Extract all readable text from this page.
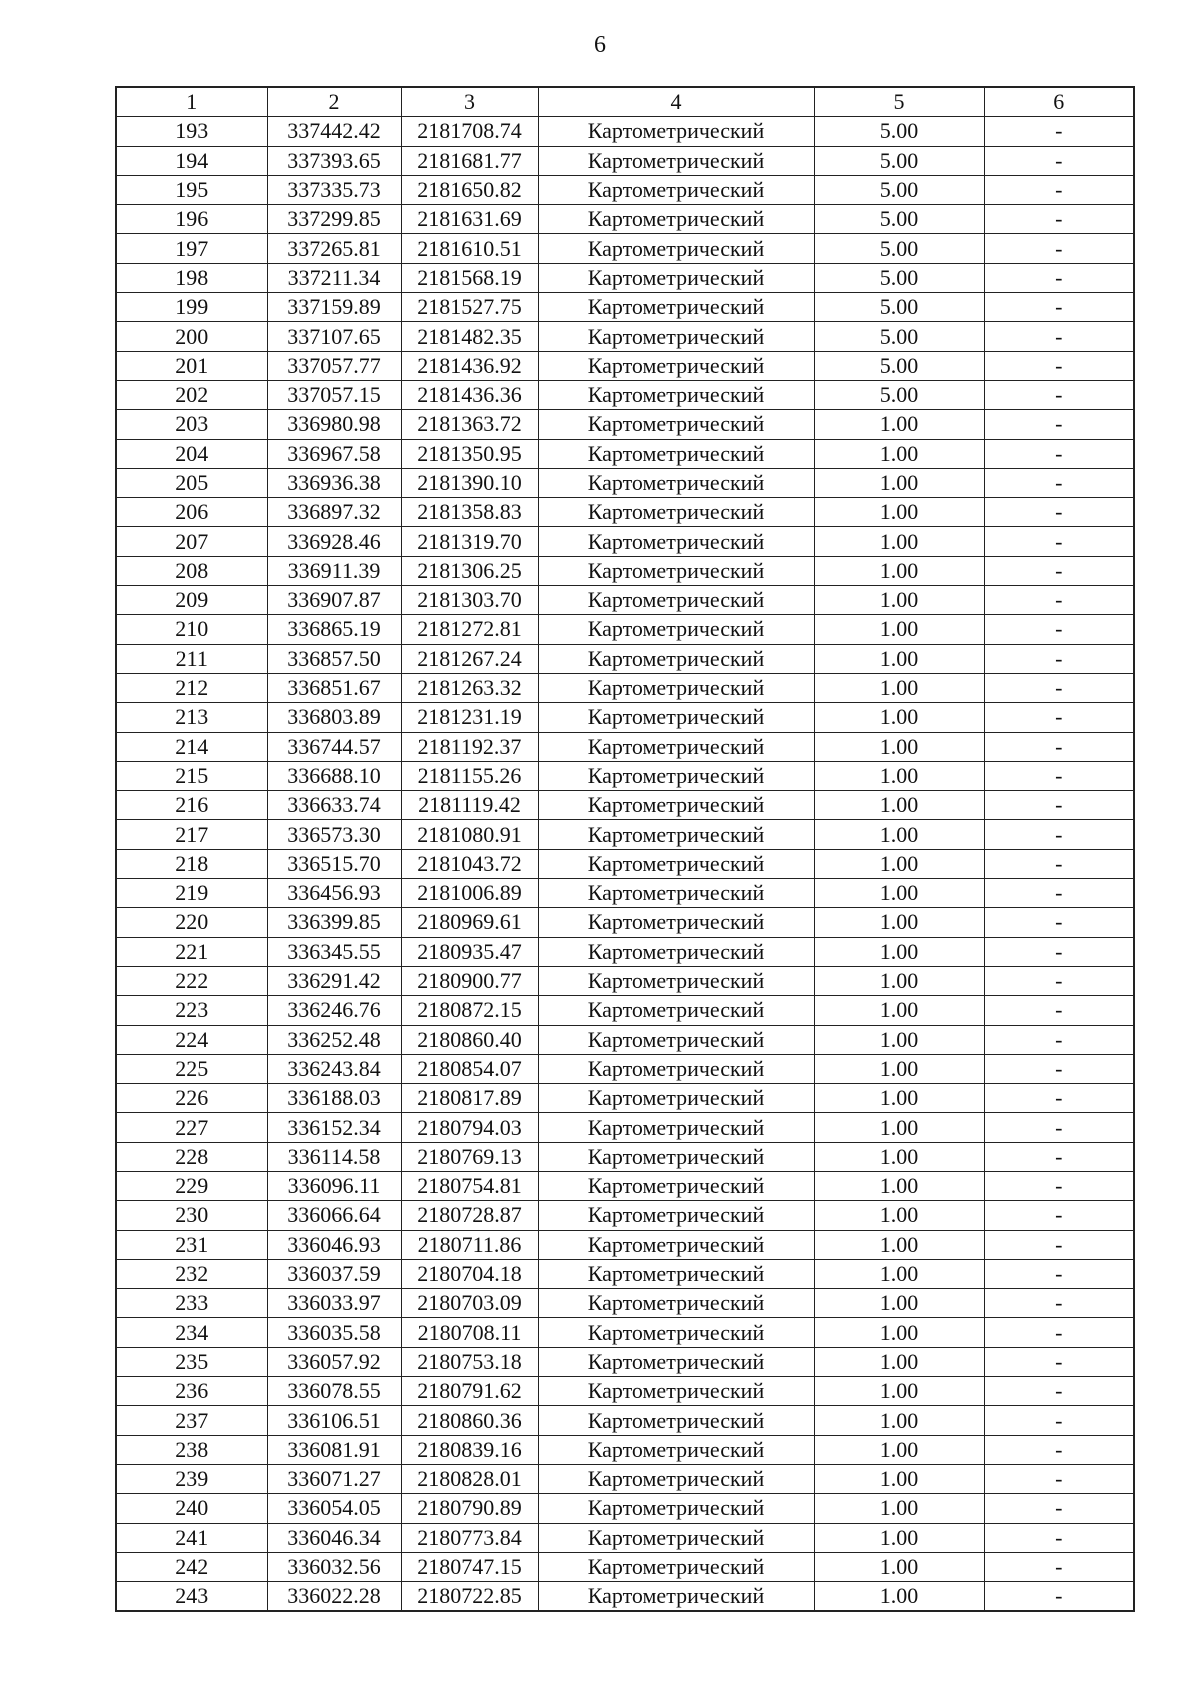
6
1	2	3	4	5	6
193	337442.42	2181708.74	Картометрический	5.00	-
194	337393.65	2181681.77	Картометрический	5.00	-
195	337335.73	2181650.82	Картометрический	5.00	-
196	337299.85	2181631.69	Картометрический	5.00	-
197	337265.81	2181610.51	Картометрический	5.00	-
198	337211.34	2181568.19	Картометрический	5.00	-
199	337159.89	2181527.75	Картометрический	5.00	-
200	337107.65	2181482.35	Картометрический	5.00	-
201	337057.77	2181436.92	Картометрический	5.00	-
202	337057.15	2181436.36	Картометрический	5.00	-
203	336980.98	2181363.72	Картометрический	1.00	-
204	336967.58	2181350.95	Картометрический	1.00	-
205	336936.38	2181390.10	Картометрический	1.00	-
206	336897.32	2181358.83	Картометрический	1.00	-
207	336928.46	2181319.70	Картометрический	1.00	-
208	336911.39	2181306.25	Картометрический	1.00	-
209	336907.87	2181303.70	Картометрический	1.00	-
210	336865.19	2181272.81	Картометрический	1.00	-
211	336857.50	2181267.24	Картометрический	1.00	-
212	336851.67	2181263.32	Картометрический	1.00	-
213	336803.89	2181231.19	Картометрический	1.00	-
214	336744.57	2181192.37	Картометрический	1.00	-
215	336688.10	2181155.26	Картометрический	1.00	-
216	336633.74	2181119.42	Картометрический	1.00	-
217	336573.30	2181080.91	Картометрический	1.00	-
218	336515.70	2181043.72	Картометрический	1.00	-
219	336456.93	2181006.89	Картометрический	1.00	-
220	336399.85	2180969.61	Картометрический	1.00	-
221	336345.55	2180935.47	Картометрический	1.00	-
222	336291.42	2180900.77	Картометрический	1.00	-
223	336246.76	2180872.15	Картометрический	1.00	-
224	336252.48	2180860.40	Картометрический	1.00	-
225	336243.84	2180854.07	Картометрический	1.00	-
226	336188.03	2180817.89	Картометрический	1.00	-
227	336152.34	2180794.03	Картометрический	1.00	-
228	336114.58	2180769.13	Картометрический	1.00	-
229	336096.11	2180754.81	Картометрический	1.00	-
230	336066.64	2180728.87	Картометрический	1.00	-
231	336046.93	2180711.86	Картометрический	1.00	-
232	336037.59	2180704.18	Картометрический	1.00	-
233	336033.97	2180703.09	Картометрический	1.00	-
234	336035.58	2180708.11	Картометрический	1.00	-
235	336057.92	2180753.18	Картометрический	1.00	-
236	336078.55	2180791.62	Картометрический	1.00	-
237	336106.51	2180860.36	Картометрический	1.00	-
238	336081.91	2180839.16	Картометрический	1.00	-
239	336071.27	2180828.01	Картометрический	1.00	-
240	336054.05	2180790.89	Картометрический	1.00	-
241	336046.34	2180773.84	Картометрический	1.00	-
242	336032.56	2180747.15	Картометрический	1.00	-
243	336022.28	2180722.85	Картометрический	1.00	-
